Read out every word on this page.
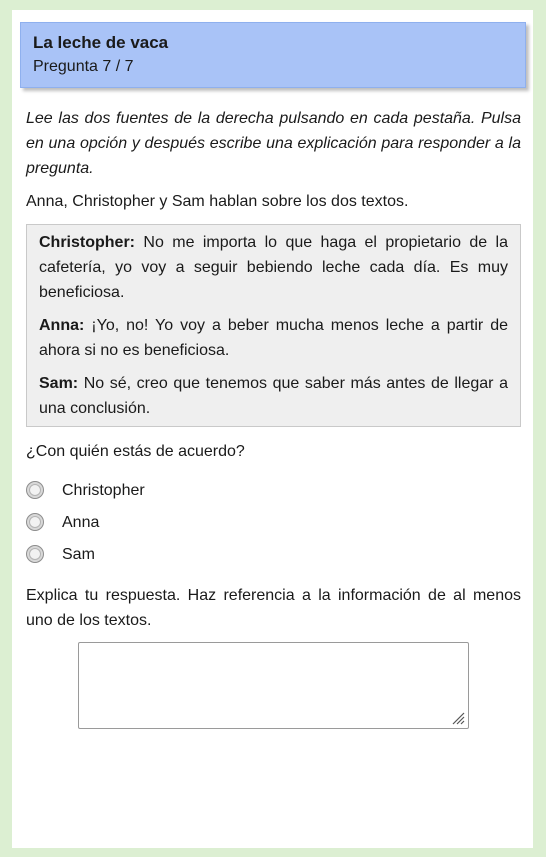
La leche de vaca
Pregunta 7 / 7

Lee las dos fuentes de la derecha pulsando en cada pestaña. Pulsa en una opción y después escribe una explicación para responder a la pregunta.

Anna, Christopher y Sam hablan sobre los dos textos.

Christopher: No me importa lo que haga el propietario de la cafetería, yo voy a seguir bebiendo leche cada día. Es muy beneficiosa.

Anna: ¡Yo, no! Yo voy a beber mucha menos leche a partir de ahora si no es beneficiosa.

Sam: No sé, creo que tenemos que saber más antes de llegar a una conclusión.

¿Con quién estás de acuerdo?

Christopher
Anna
Sam

Explica tu respuesta. Haz referencia a la información de al menos uno de los textos.
